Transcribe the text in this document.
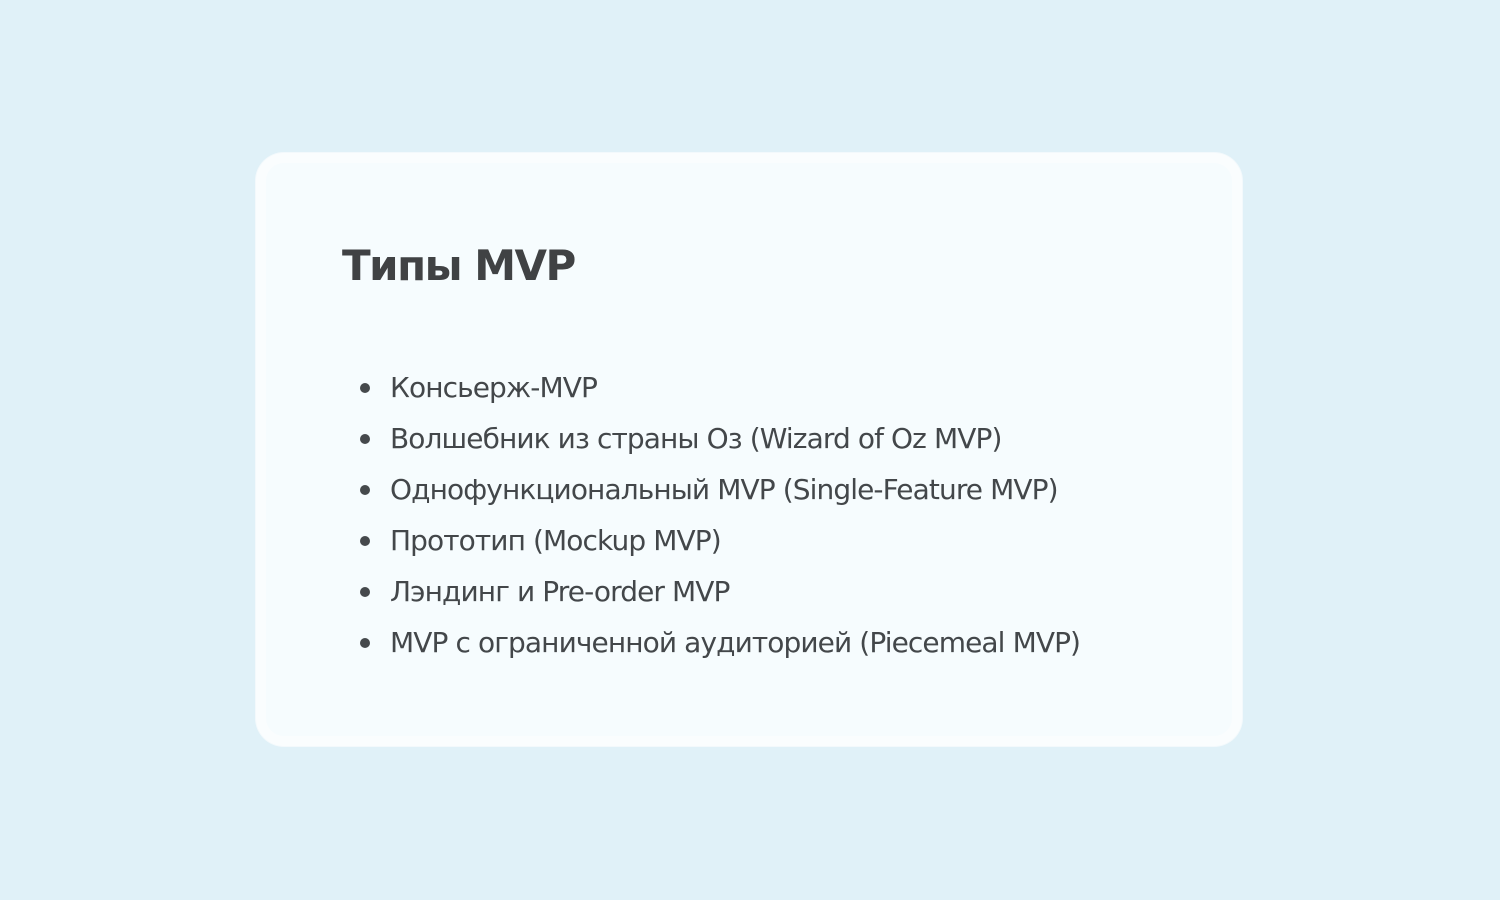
Типы MVP
Консьерж-MVP
Волшебник из страны Оз (Wizard of Oz MVP)
Однофункциональный MVP (Single-Feature MVP)
Прототип (Mockup MVP)
Лэндинг и Pre-order MVP
MVP с ограниченной аудиторией (Piecemeal MVP)
